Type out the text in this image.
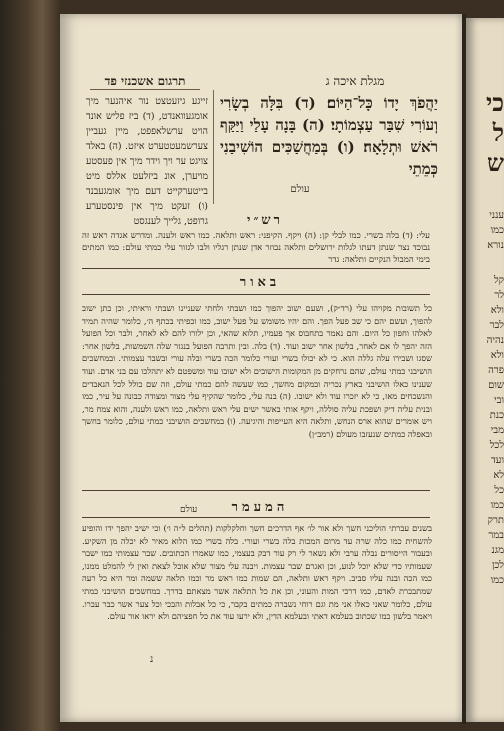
מגלת איכה ג
תרגום אשכנזי פד
זייגע גיזעטצט נור איהנער מיך אומגעוואנדט, (ד) ביז פליש אונד הויט ערשלאפפט, מיין געביין צערשמעטטערט איזט. (ה) באלד צויגט ער ויך וידר מיך אין פעסטע מויערן, אונ ביזלעט אללס מיט בייטערקייט דעם מיך אומגעבנד (ו) זעקט מיך אין פינסטערע גרופט, גלייך לענגסט
יַהֲפֹךְ יָדוֹ כָּל־הַיּוֹם׃ (ד) בִּלָּה בְשָׂרִי וְעוֹרִי שִׁבַּר עַצְמוֹתָי׃ (ה) בָּנָה עָלַי וַיַּקַּף רֹאשׁ וּתְלָאָה׃ (ו) בְּמַחֲשַׁכִּים הוֹשִׁיבַנִי כְּמֵתֵי
עולם
רש״י
עלי: (ד) בלה בשרי. כמו לבלי קן: (ה) ויקף. הקיפני: ראש ותלאה. כמו ראש ולענה. ומדרש אגדה ראש זה נבוכד נצר שנתן דעתו לגלות ירושלים ותלאה נבוזר אדן שנתן רגליו ולבו לגזור עלי כמתי עולם: כמו המתים בימי המבול הנקיים ותלאה: גדר
באור
כל תשובות מקויהו עלי (רד״ק), ושעם ישוב יהפוך כמו ושבתי ולחתי שעניינו ושבתי וראיתי, וכן כתן ישוב להפוך, ועשם יהם כי שב פעל הפך. והם יהיו משומש על פעל ישוב, כמו וכפיתי בכתף ה׳, כלומר שהיה תמיד לאלהו וחפון כל היום. והם נאמר בתחבוס אך פעמיו, תלוא שהאי, וכן ילורו להם לא לאחר, ולבר וכל הפועל הזה יהפך לו אם לאחר, בלשון אחר ישוב ועוד. (ד) בלה. ובין ותרבה הפועל בנגזר שלה השמשות, בלשון אחר: שסגו ושבירו עלה גללה הוא. כי לא יכולו בשרי ועורי כלומר הכה בשרי ובלה עורי ובשבר עצמותי. ובמחשכים הושיבני כמתי עולם, שהם נרחקים מן המקומות הישובים ולא ישובו עוד ומשפטם לא יתהלכו עם בני אדם. ועוד שענינו כאלו הושיבני בארץ נכריה ובמקום מחשך, כמו שעשה להם כמתי עולם, וזה שם כולל לכל הנאבדים והנשכחים מאז, כי לא יזכרו עוד ולא ישובו. (ה) בנה עלי, כלומר שהקיף עלי מצור ומצודה כבונה על עיר, כמו ובנית עליה דיק ושפכת עליה סוללה, ויקף אותי באשר ישים עלי ראש ותלאה, כמו ראש ולענה, והוא צמח מר, ויש אומרים שהוא ארס הנחש, ותלאה היא העייפות והיגיעה. (ו) במחשכים הושיבני כמתי עולם, כלומר בחשך ובאפלה כמתים שנעזבו מעולם (רמב״ן)
עולם	המעמר
בשנים עברתי הוליכני חשך ולא אור לו׳ אף הדרכים חשך וחלקלקות (תהלים ל״ה ו׳) וכי ישיב יהפך ידו והופיע להשחית כמו כלה שרה עד מרום המכות בלה בשרי ועורי. בלה בשרי כמו הלוא מאיר לא יכלה מן השקיע. ובעבור הייסורים נבלה ערבי ולא נשאר לי רק עור דבק בעצמי, כמו שאמרו הכתובים. שבר עצמותי כמו ישבר שעמותיו כדי שלא יוכל לנוע, וכן ואגרם שבר עצמות. ויבנה עלי מצור שלא אוכל לצאת ואין לי להמלט ממנו, כמו הכה ובנה עליו סביב. ויקף ראש ותלאה, הם שמות כמו ראש מר וכמו תלאה ששמה ומר היא כל רעה שמתבכרת לאדם, כמו דרכי המות והעוני, וכן את כל התלאה אשר מצאתם בדרך. במחשכים הושיבני כמתי עולם, כלומר שאני כאלו אני מת וגם רוחי נשברה כמתים בקבר, כי כל אבלות והבכי וכל צער אשר כבר עברו. ויאמר בלשון כמו שכתוב בעלמא דאתי ובעלמא הדין, ולא ירעו עוד את כל חפציהם ולא יראו אור עולם.
נ
כי
ל
ש
ענני
כמו
נורא
קל
לר
ולא
לבר
נהיה
ולא
פרה
שום
ובי
כנת
מבי
לכל
ועד
לא
כל
כמו
תרק
במר
מגנ
לכן
כמו
